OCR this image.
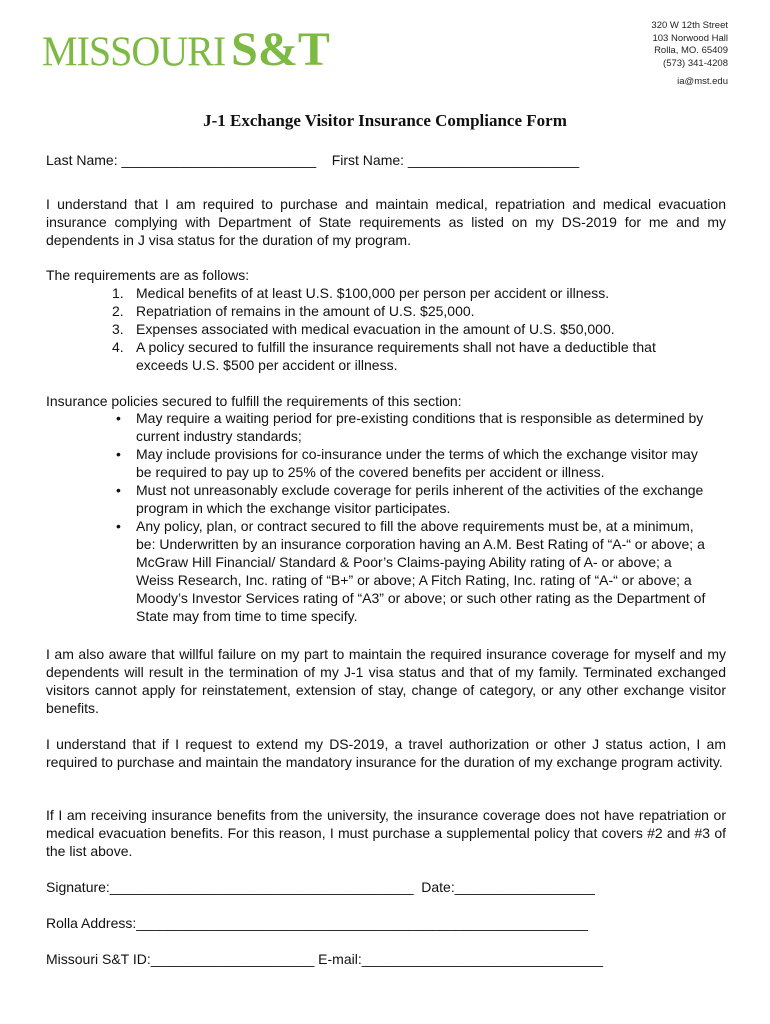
MISSOURI S&T	320 W 12th Street
103 Norwood Hall
Rolla, MO. 65409
(573) 341-4208
ia@mst.edu
J-1 Exchange Visitor Insurance Compliance Form
Last Name: _________________________    First Name: ______________________
I understand that I am required to purchase and maintain medical, repatriation and medical evacuation insurance complying with Department of State requirements as listed on my DS-2019 for me and my dependents in J visa status for the duration of my program.
The requirements are as follows:
1. Medical benefits of at least U.S. $100,000 per person per accident or illness.
2. Repatriation of remains in the amount of U.S. $25,000.
3. Expenses associated with medical evacuation in the amount of U.S. $50,000.
4. A policy secured to fulfill the insurance requirements shall not have a deductible that exceeds U.S. $500 per accident or illness.
Insurance policies secured to fulfill the requirements of this section:
• May require a waiting period for pre-existing conditions that is responsible as determined by current industry standards;
• May include provisions for co-insurance under the terms of which the exchange visitor may be required to pay up to 25% of the covered benefits per accident or illness.
• Must not unreasonably exclude coverage for perils inherent of the activities of the exchange program in which the exchange visitor participates.
• Any policy, plan, or contract secured to fill the above requirements must be, at a minimum, be: Underwritten by an insurance corporation having an A.M. Best Rating of “A-“ or above; a McGraw Hill Financial/ Standard & Poor’s Claims-paying Ability rating of A- or above; a Weiss Research, Inc. rating of “B+” or above; A Fitch Rating, Inc. rating of “A-“ or above; a Moody’s Investor Services rating of “A3” or above; or such other rating as the Department of State may from time to time specify.
I am also aware that willful failure on my part to maintain the required insurance coverage for myself and my dependents will result in the termination of my J-1 visa status and that of my family. Terminated exchanged visitors cannot apply for reinstatement, extension of stay, change of category, or any other exchange visitor benefits.
I understand that if I request to extend my DS-2019, a travel authorization or other J status action, I am required to purchase and maintain the mandatory insurance for the duration of my exchange program activity.
If I am receiving insurance benefits from the university, the insurance coverage does not have repatriation or medical evacuation benefits. For this reason, I must purchase a supplemental policy that covers #2 and #3 of the list above.
Signature:_______________________________________  Date:__________________
Rolla Address:__________________________________________________________
Missouri S&T ID:_____________________ E-mail:_______________________________
